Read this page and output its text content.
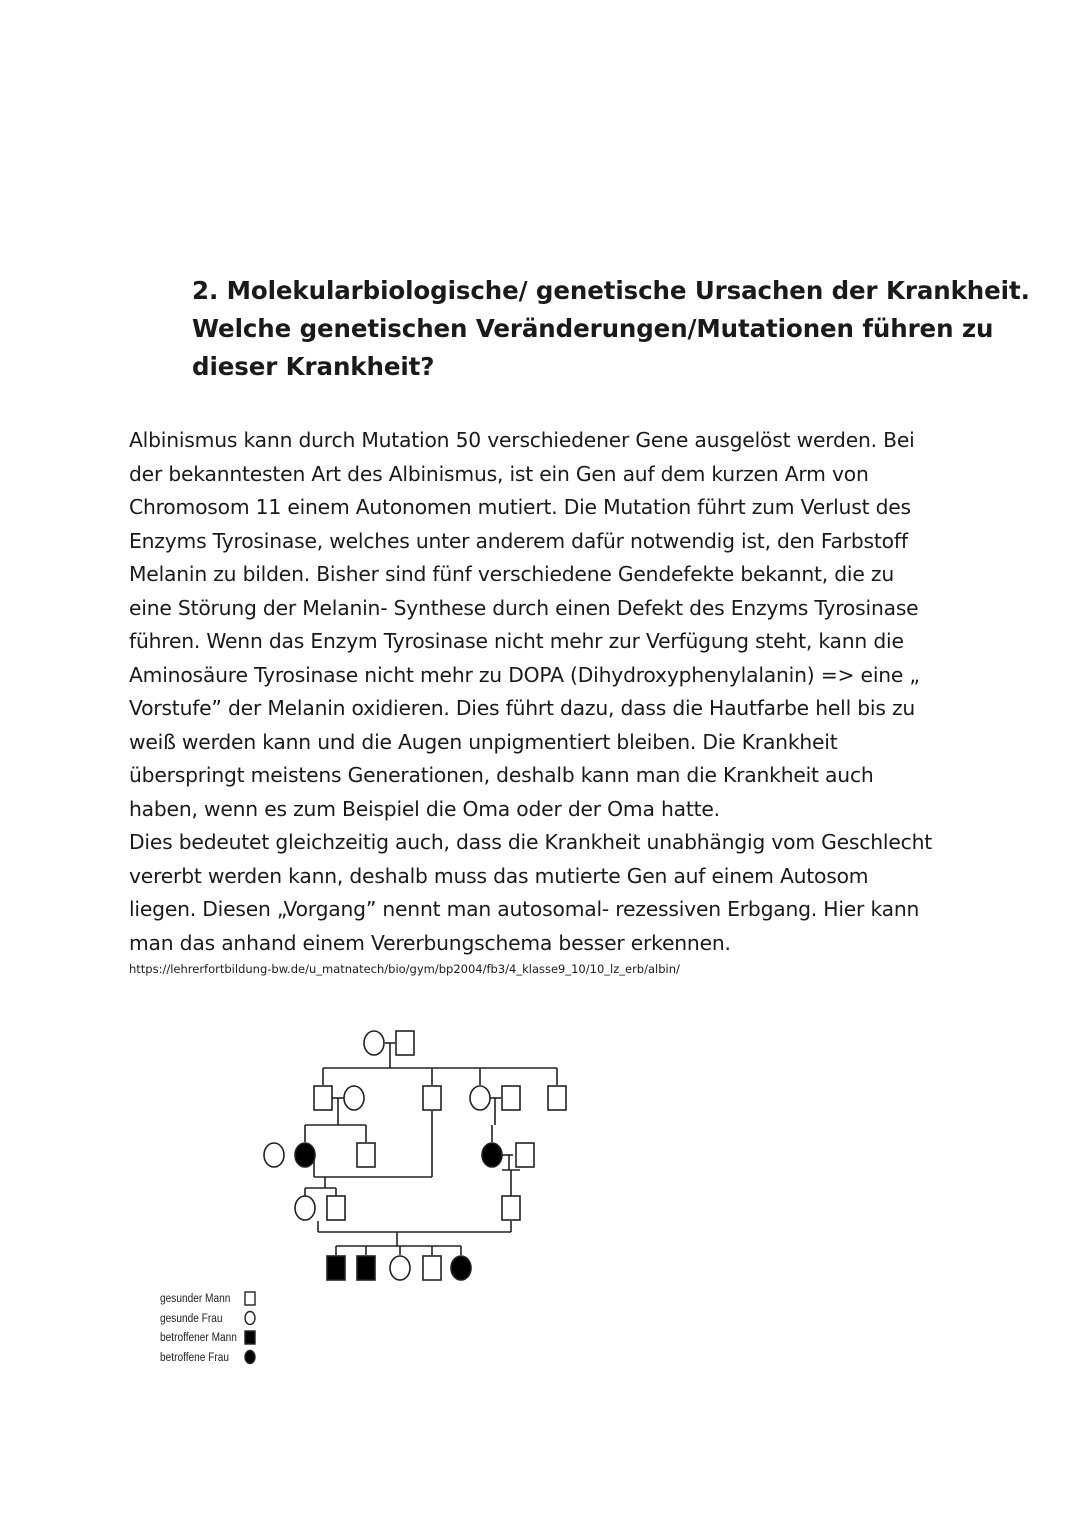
2. Molekularbiologische/ genetische Ursachen der Krankheit.
Welche genetischen Veränderungen/Mutationen führen zu
dieser Krankheit?
Albinismus kann durch Mutation 50 verschiedener Gene ausgelöst werden. Bei
der bekanntesten Art des Albinismus, ist ein Gen auf dem kurzen Arm von
Chromosom 11 einem Autonomen mutiert. Die Mutation führt zum Verlust des
Enzyms Tyrosinase, welches unter anderem dafür notwendig ist, den Farbstoff
Melanin zu bilden. Bisher sind fünf verschiedene Gendefekte bekannt, die zu
eine Störung der Melanin- Synthese durch einen Defekt des Enzyms Tyrosinase
führen. Wenn das Enzym Tyrosinase nicht mehr zur Verfügung steht, kann die
Aminosäure Tyrosinase nicht mehr zu DOPA (Dihydroxyphenylalanin) => eine „
Vorstufe” der Melanin oxidieren. Dies führt dazu, dass die Hautfarbe hell bis zu
weiß werden kann und die Augen unpigmentiert bleiben. Die Krankheit
überspringt meistens Generationen, deshalb kann man die Krankheit auch
haben, wenn es zum Beispiel die Oma oder der Oma hatte.
Dies bedeutet gleichzeitig auch, dass die Krankheit unabhängig vom Geschlecht
vererbt werden kann, deshalb muss das mutierte Gen auf einem Autosom
liegen. Diesen „Vorgang” nennt man autosomal- rezessiven Erbgang. Hier kann
man das anhand einem Vererbungschema besser erkennen.
https://lehrerfortbildung-bw.de/u_matnatech/bio/gym/bp2004/fb3/4_klasse9_10/10_lz_erb/albin/
gesunder Mann
gesunde Frau
betroffener Mann
betroffene Frau
